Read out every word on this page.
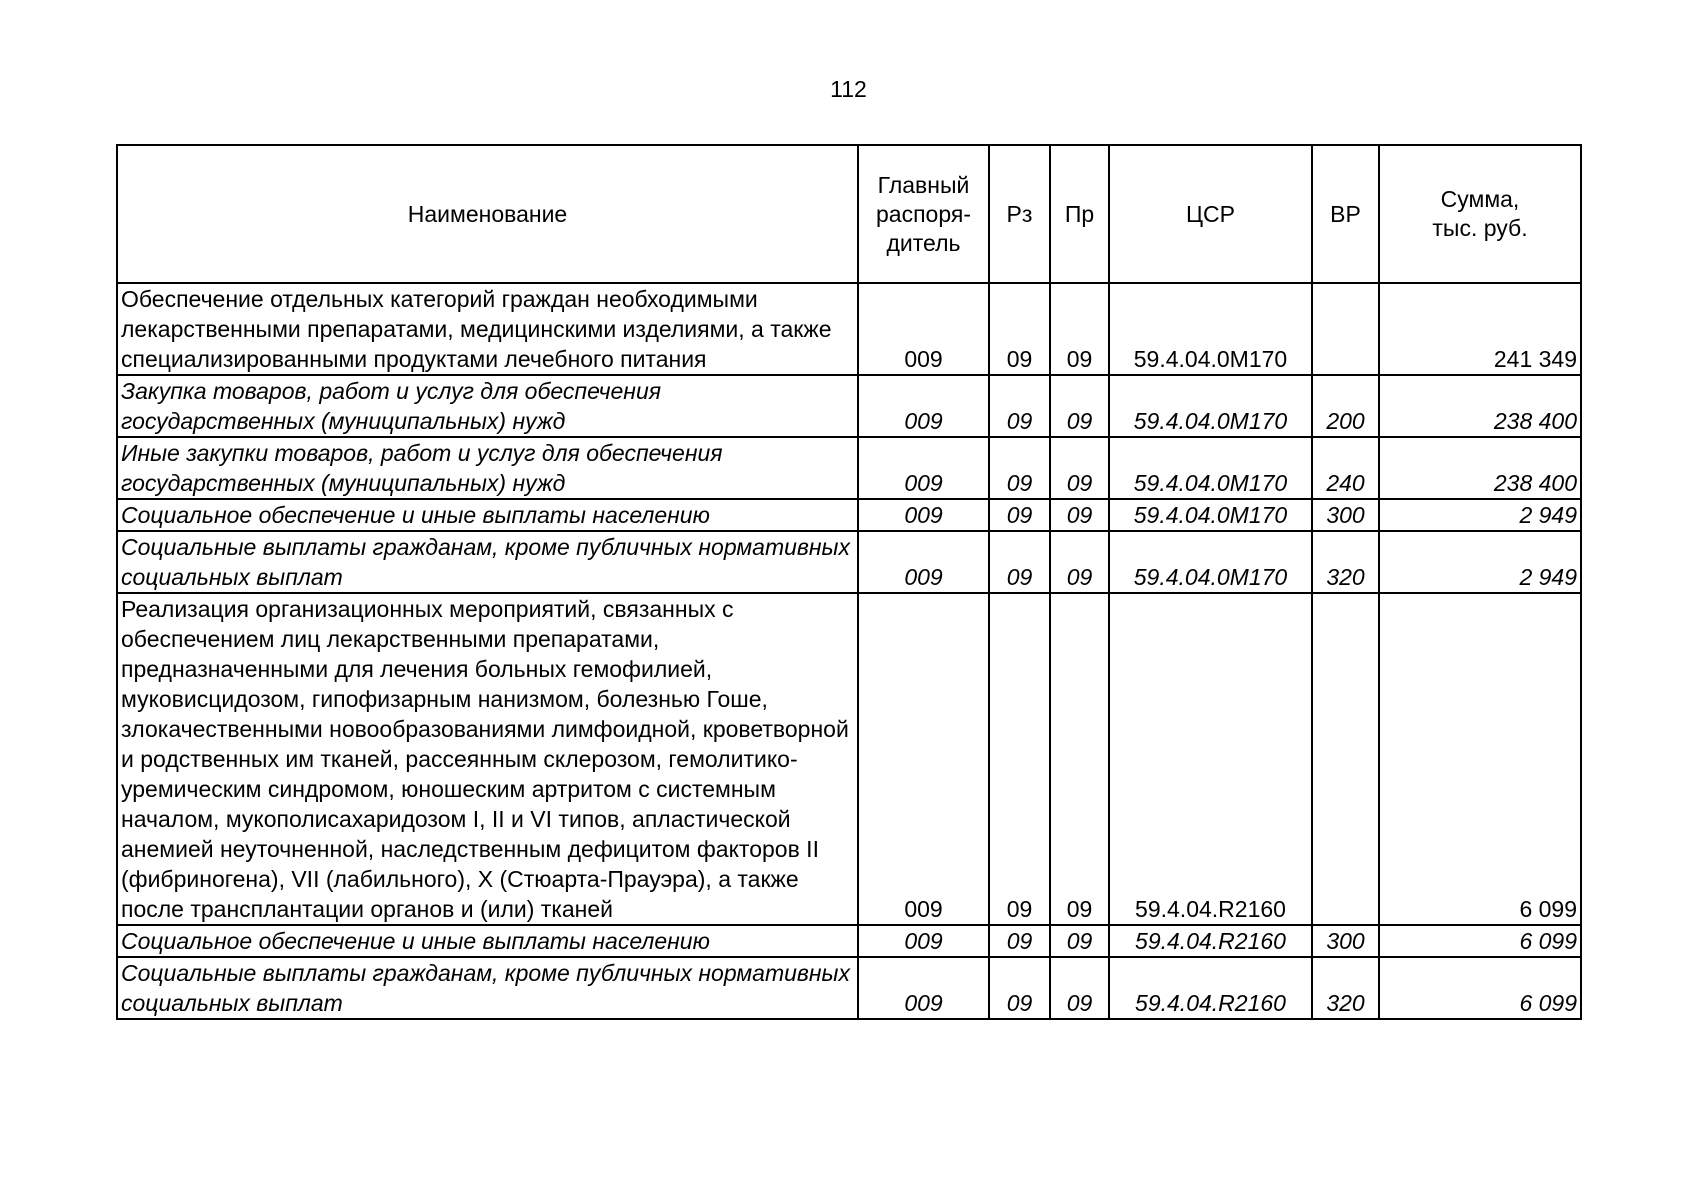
112
Наименование	Главный распоря-дитель	Рз	Пр	ЦСР	ВР	Сумма, тыс. руб.
Обеспечение отдельных категорий граждан необходимыми лекарственными препаратами, медицинскими изделиями, а также специализированными продуктами лечебного питания	009	09	09	59.4.04.0М170		241 349
Закупка товаров, работ и услуг для обеспечения государственных (муниципальных) нужд	009	09	09	59.4.04.0М170	200	238 400
Иные закупки товаров, работ и услуг для обеспечения государственных (муниципальных) нужд	009	09	09	59.4.04.0М170	240	238 400
Социальное обеспечение и иные выплаты населению	009	09	09	59.4.04.0М170	300	2 949
Социальные выплаты гражданам, кроме публичных нормативных социальных выплат	009	09	09	59.4.04.0М170	320	2 949
Реализация организационных мероприятий, связанных с обеспечением лиц лекарственными препаратами, предназначенными для лечения больных гемофилией, муковисцидозом, гипофизарным нанизмом, болезнью Гоше, злокачественными новообразованиями лимфоидной, кроветворной и родственных им тканей, рассеянным склерозом, гемолитико-уремическим синдромом, юношеским артритом с системным началом, мукополисахаридозом I, II и VI типов, апластической анемией неуточненной, наследственным дефицитом факторов II (фибриногена), VII (лабильного), X (Стюарта-Прауэра), а также после трансплантации органов и (или) тканей	009	09	09	59.4.04.R2160		6 099
Социальное обеспечение и иные выплаты населению	009	09	09	59.4.04.R2160	300	6 099
Социальные выплаты гражданам, кроме публичных нормативных социальных выплат	009	09	09	59.4.04.R2160	320	6 099
